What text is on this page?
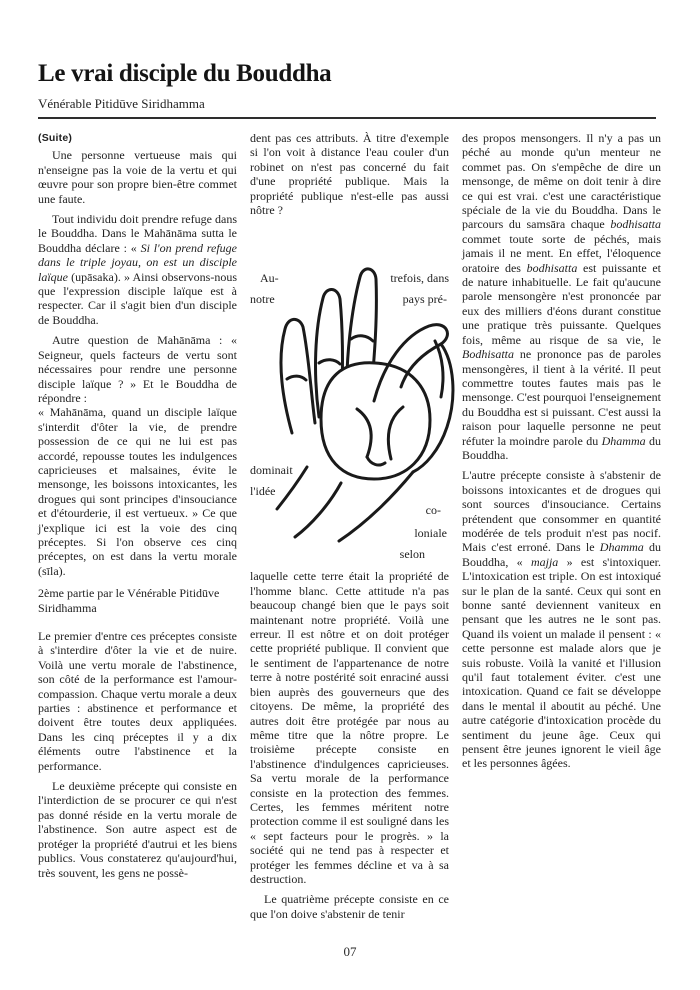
Le vrai disciple du Bouddha
Vénérable Pitidūve Siridhamma
(Suite)

Une personne vertueuse mais qui n'enseigne pas la voie de la vertu et qui œuvre pour son propre bien-être commet une faute.

Tout individu doit prendre refuge dans le Bouddha. Dans le Mahānāma sutta le Bouddha déclare : « Si l'on prend refuge dans le triple joyau, on est un disciple laïque (upāsaka). » Ainsi observons-nous que l'expression disciple laïque est à respecter. Car il s'agit bien d'un disciple de Bouddha.

Autre question de Mahānāma : « Seigneur, quels facteurs de vertu sont nécessaires pour rendre une personne disciple laïque ? » Et le Bouddha de répondre :

« Mahānāma, quand un disciple laïque s'interdit d'ôter la vie, de prendre possession de ce qui ne lui est pas accordé, repousse toutes les indulgences capricieuses et malsaines, évite le mensonge, les boissons intoxicantes, les drogues qui sont principes d'insouciance et d'étourderie, il est vertueux. » Ce que j'explique ici est la voie des cinq préceptes. Si l'on observe ces cinq préceptes, on est dans la vertu morale (sīla).

2ème partie par le Vénérable Pitidūve Siridhamma

Le premier d'entre ces préceptes consiste à s'interdire d'ôter la vie et de nuire. Voilà une vertu morale de l'abstinence, son côté de la performance est l'amour-compassion. Chaque vertu morale a deux parties : abstinence et performance et doivent être toutes deux appliquées. Dans les cinq préceptes il y a dix éléments outre l'abstinence et la performance.

Le deuxième précepte qui consiste en l'interdiction de se procurer ce qui n'est pas donné réside en la vertu morale de l'abstinence. Son autre aspect est de protéger la propriété d'autrui et les biens publics. Vous constaterez qu'aujourd'hui, très souvent, les gens ne possè-

dent pas ces attributs. À titre d'exemple si l'on voit à distance l'eau couler d'un robinet on n'est pas concerné du fait d'une propriété publique. Mais la propriété publique n'est-elle pas aussi nôtre ?

Au-
notre
trefois, dans
pays pré-
dominait
l'idée
co-
loniale
selon

laquelle cette terre était la propriété de l'homme blanc. Cette attitude n'a pas beaucoup changé bien que le pays soit maintenant notre propriété. Voilà une erreur. Il est nôtre et on doit protéger cette propriété publique. Il convient que le sentiment de l'appartenance de notre terre à notre postérité soit enraciné aussi bien auprès des gouverneurs que des citoyens. De même, la propriété des autres doit être protégée par nous au même titre que la nôtre propre. Le troisième précepte consiste en l'abstinence d'indulgences capricieuses. Sa vertu morale de la performance consiste en la protection des femmes. Certes, les femmes méritent notre protection comme il est souligné dans les « sept facteurs pour le progrès. » la société qui ne tend pas à respecter et protéger les femmes décline et va à sa destruction.

Le quatrième précepte consiste en ce que l'on doive s'abstenir de tenir

des propos mensongers. Il n'y a pas un péché au monde qu'un menteur ne commet pas. On s'empêche de dire un mensonge, de même on doit tenir à dire ce qui est vrai. c'est une caractéristique spéciale de la vie du Bouddha. Dans le parcours du samsāra chaque bodhisatta commet toute sorte de péchés, mais jamais il ne ment. En effet, l'éloquence oratoire des bodhisatta est puissante et de nature inhabituelle. Le fait qu'aucune parole mensongère n'est prononcée par eux des milliers d'éons durant constitue une pratique très puissante. Quelques fois, même au risque de sa vie, le Bodhisatta ne prononce pas de paroles mensongères, il tient à la vérité. Il peut commettre toutes fautes mais pas le mensonge. C'est pourquoi l'enseignement du Bouddha est si puissant. C'est aussi la raison pour laquelle personne ne peut réfuter la moindre parole du Dhamma du Bouddha.

L'autre précepte consiste à s'abstenir de boissons intoxicantes et de drogues qui sont sources d'insouciance. Certains prétendent que consommer en quantité modérée de tels produit n'est pas nocif. Mais c'est erroné. Dans le Dhamma du Bouddha, « majja » est s'intoxiquer. L'intoxication est triple. On est intoxiqué sur le plan de la santé. Ceux qui sont en bonne santé deviennent vaniteux en pensant que les autres ne le sont pas. Quand ils voient un malade il pensent : « cette personne est malade alors que je suis robuste. Voilà la vanité et l'illusion qu'il faut totalement éviter. c'est une intoxication. Quand ce fait se développe dans le mental il aboutit au péché. Une autre catégorie d'intoxication procède du sentiment du jeune âge. Ceux qui pensent être jeunes ignorent le vieil âge et les personnes âgées.

07
